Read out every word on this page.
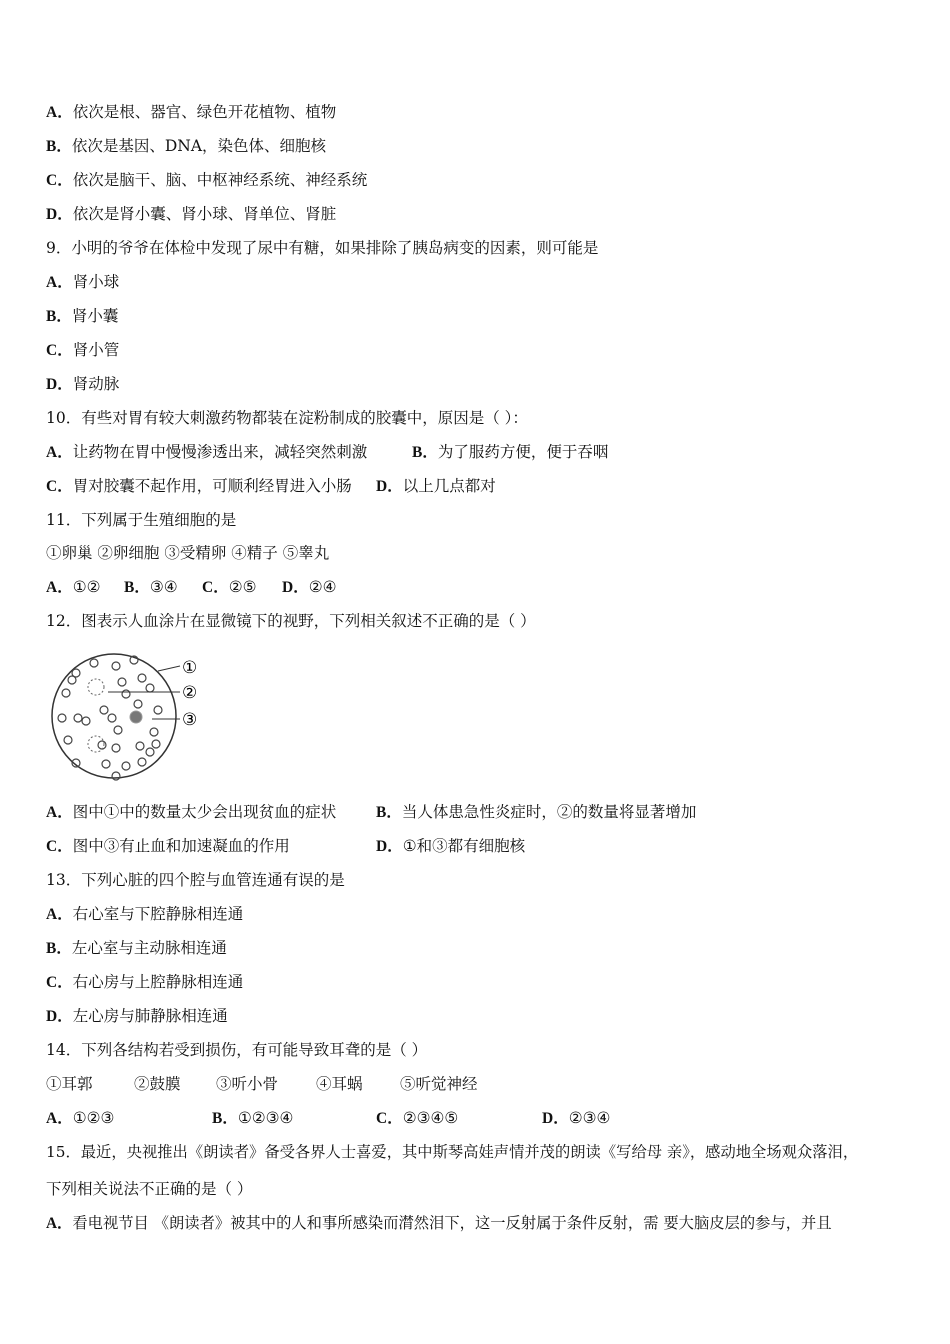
A．依次是根、器官、绿色开花植物、植物
B．依次是基因、DNA，染色体、细胞核
C．依次是脑干、脑、中枢神经系统、神经系统
D．依次是肾小囊、肾小球、肾单位、肾脏
9．小明的爷爷在体检中发现了尿中有糖，如果排除了胰岛病变的因素，则可能是
A．肾小球
B．肾小囊
C．肾小管
D．肾动脉
10．有些对胃有较大刺激药物都装在淀粉制成的胶囊中，原因是（ ）：
A．让药物在胃中慢慢渗透出来，减轻突然刺激	B．为了服药方便，便于吞咽
C．胃对胶囊不起作用，可顺利经胃进入小肠 D．以上几点都对
11．下列属于生殖细胞的是
①卵巢 ②卵细胞 ③受精卵 ④精子 ⑤睾丸
A．①② B．③④ C．②⑤ D．②④
12．图表示人血涂片在显微镜下的视野，下列相关叙述不正确的是（ ）
①
②
③
A．图中①中的数量太少会出现贫血的症状	B．当人体患急性炎症时，②的数量将显著增加
C．图中③有止血和加速凝血的作用	D．①和③都有细胞核
13．下列心脏的四个腔与血管连通有误的是
A．右心室与下腔静脉相连通
B．左心室与主动脉相连通
C．右心房与上腔静脉相连通
D．左心房与肺静脉相连通
14．下列各结构若受到损伤，有可能导致耳聋的是（ ）
①耳郭	②鼓膜 ③听小骨 ④耳蜗 ⑤听觉神经
A．①②③	B．①②③④	C．②③④⑤	D．②③④
15．最近，央视推出《朗读者》备受各界人士喜爱，其中斯琴高娃声情并茂的朗读《写给母 亲》，感动地全场观众落泪，
下列相关说法不正确的是（ ）
A．看电视节目 《朗读者》被其中的人和事所感染而潸然泪下，这一反射属于条件反射，需 要大脑皮层的参与，并且
